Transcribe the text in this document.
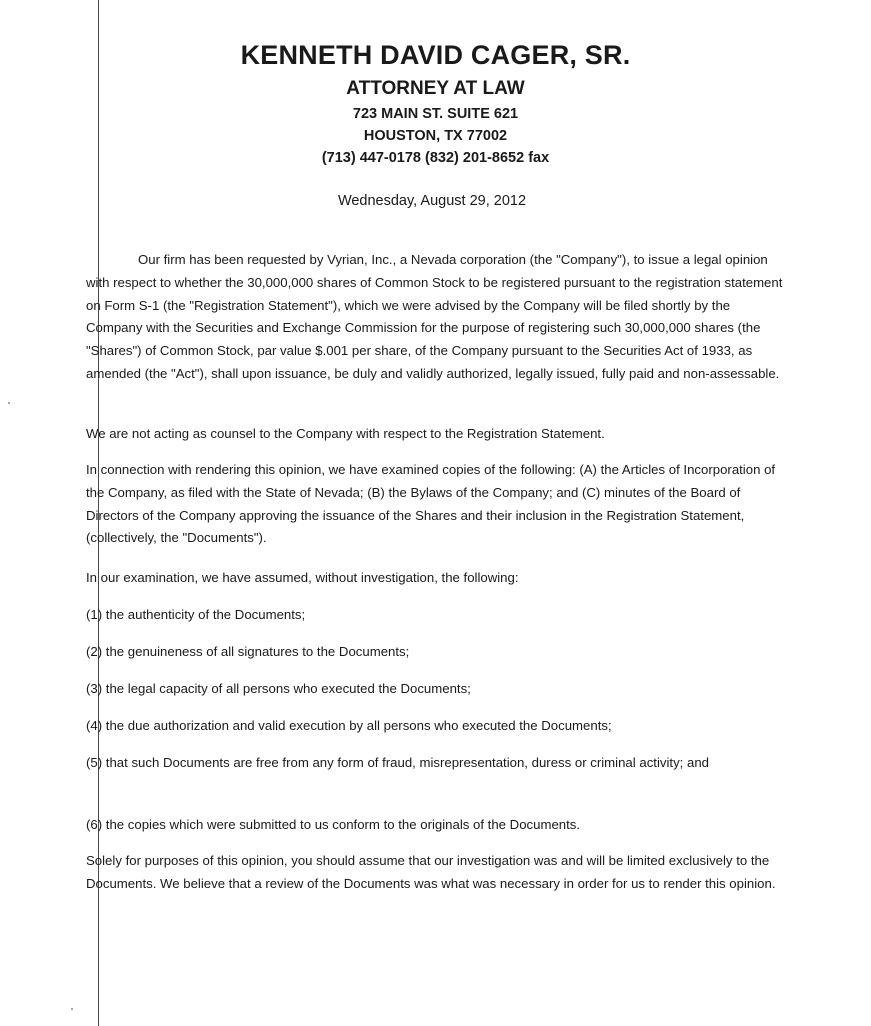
KENNETH DAVID CAGER, SR.
ATTORNEY AT LAW
723 MAIN ST. SUITE 621
HOUSTON, TX 77002
(713) 447-0178 (832) 201-8652 fax
Wednesday, August 29, 2012

Our firm has been requested by Vyrian, Inc., a Nevada corporation (the "Company"), to issue a legal opinion with respect to whether the 30,000,000 shares of Common Stock to be registered pursuant to the registration statement on Form S-1 (the "Registration Statement"), which we were advised by the Company will be filed shortly by the Company with the Securities and Exchange Commission for the purpose of registering such 30,000,000 shares (the "Shares") of Common Stock, par value $.001 per share, of the Company pursuant to the Securities Act of 1933, as amended (the "Act"), shall upon issuance, be duly and validly authorized, legally issued, fully paid and non-assessable.

We are not acting as counsel to the Company with respect to the Registration Statement.

In connection with rendering this opinion, we have examined copies of the following: (A) the Articles of Incorporation of the Company, as filed with the State of Nevada; (B) the Bylaws of the Company; and (C) minutes of the Board of Directors of the Company approving the issuance of the Shares and their inclusion in the Registration Statement, (collectively, the "Documents").

In our examination, we have assumed, without investigation, the following:

(1) the authenticity of the Documents;

(2) the genuineness of all signatures to the Documents;

(3) the legal capacity of all persons who executed the Documents;

(4) the due authorization and valid execution by all persons who executed the Documents;

(5) that such Documents are free from any form of fraud, misrepresentation, duress or criminal activity; and

(6) the copies which were submitted to us conform to the originals of the Documents.

Solely for purposes of this opinion, you should assume that our investigation was and will be limited exclusively to the Documents. We believe that a review of the Documents was what was necessary in order for us to render this opinion.
